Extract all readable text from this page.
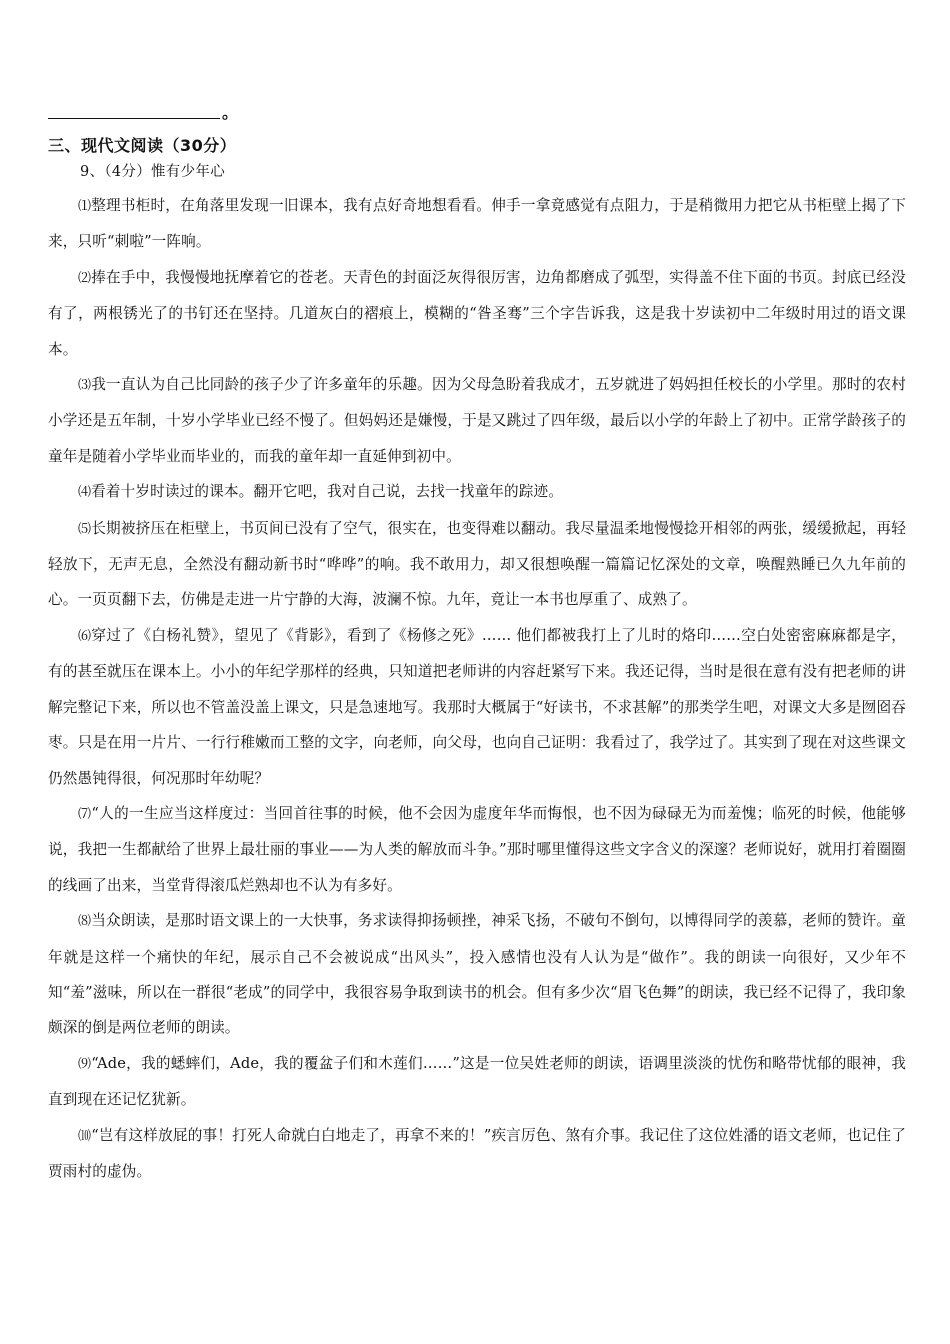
。
三、现代文阅读（30分）
9、（4分）惟有少年心

⑴整理书柜时，在角落里发现一旧课本，我有点好奇地想看看。伸手一拿竟感觉有点阻力，于是稍微用力把它从书柜壁上揭了下来，只听“刺啦”一阵响。

⑵捧在手中，我慢慢地抚摩着它的苍老。天青色的封面泛灰得很厉害，边角都磨成了弧型，实得盖不住下面的书页。封底已经没有了，两根锈光了的书钉还在坚持。几道灰白的褶痕上，模糊的“昝圣骞”三个字告诉我，这是我十岁读初中二年级时用过的语文课本。

⑶我一直认为自己比同龄的孩子少了许多童年的乐趣。因为父母急盼着我成才，五岁就进了妈妈担任校长的小学里。那时的农村小学还是五年制，十岁小学毕业已经不慢了。但妈妈还是嫌慢，于是又跳过了四年级，最后以小学的年龄上了初中。正常学龄孩子的童年是随着小学毕业而毕业的，而我的童年却一直延伸到初中。

⑷看着十岁时读过的课本。翻开它吧，我对自己说，去找一找童年的踪迹。

⑸长期被挤压在柜壁上，书页间已没有了空气，很实在，也变得难以翻动。我尽量温柔地慢慢捻开相邻的两张，缓缓掀起，再轻轻放下，无声无息，全然没有翻动新书时“哗哗”的响。我不敢用力，却又很想唤醒一篇篇记忆深处的文章，唤醒熟睡已久九年前的心。一页页翻下去，仿佛是走进一片宁静的大海，波澜不惊。九年，竟让一本书也厚重了、成熟了。

⑹穿过了《白杨礼赞》，望见了《背影》，看到了《杨修之死》…… 他们都被我打上了儿时的烙印……空白处密密麻麻都是字，有的甚至就压在课本上。小小的年纪学那样的经典，只知道把老师讲的内容赶紧写下来。我还记得，当时是很在意有没有把老师的讲解完整记下来，所以也不管盖没盖上课文，只是急速地写。我那时大概属于“好读书，不求甚解”的那类学生吧，对课文大多是囫囵吞枣。只是在用一片片、一行行稚嫩而工整的文字，向老师，向父母，也向自己证明：我看过了，我学过了。其实到了现在对这些课文仍然愚钝得很，何况那时年幼呢？

⑺“人的一生应当这样度过：当回首往事的时候，他不会因为虚度年华而悔恨，也不因为碌碌无为而羞愧；临死的时候，他能够说，我把一生都献给了世界上最壮丽的事业——为人类的解放而斗争。”那时哪里懂得这些文字含义的深邃？老师说好，就用打着圈圈的线画了出来，当堂背得滚瓜烂熟却也不认为有多好。

⑻当众朗读，是那时语文课上的一大快事，务求读得抑扬顿挫，神采飞扬，不破句不倒句，以博得同学的羡慕，老师的赞许。童年就是这样一个痛快的年纪，展示自己不会被说成“出风头”，投入感情也没有人认为是“做作”。我的朗读一向很好，又少年不知“羞”滋味，所以在一群很“老成”的同学中，我很容易争取到读书的机会。但有多少次“眉飞色舞”的朗读，我已经不记得了，我印象颇深的倒是两位老师的朗读。

⑼“Ade，我的蟋蟀们，Ade，我的覆盆子们和木莲们……”这是一位吴姓老师的朗读，语调里淡淡的忧伤和略带忧郁的眼神，我直到现在还记忆犹新。

⑽“岂有这样放屁的事！打死人命就白白地走了，再拿不来的！”疾言厉色、煞有介事。我记住了这位姓潘的语文老师，也记住了贾雨村的虚伪。
